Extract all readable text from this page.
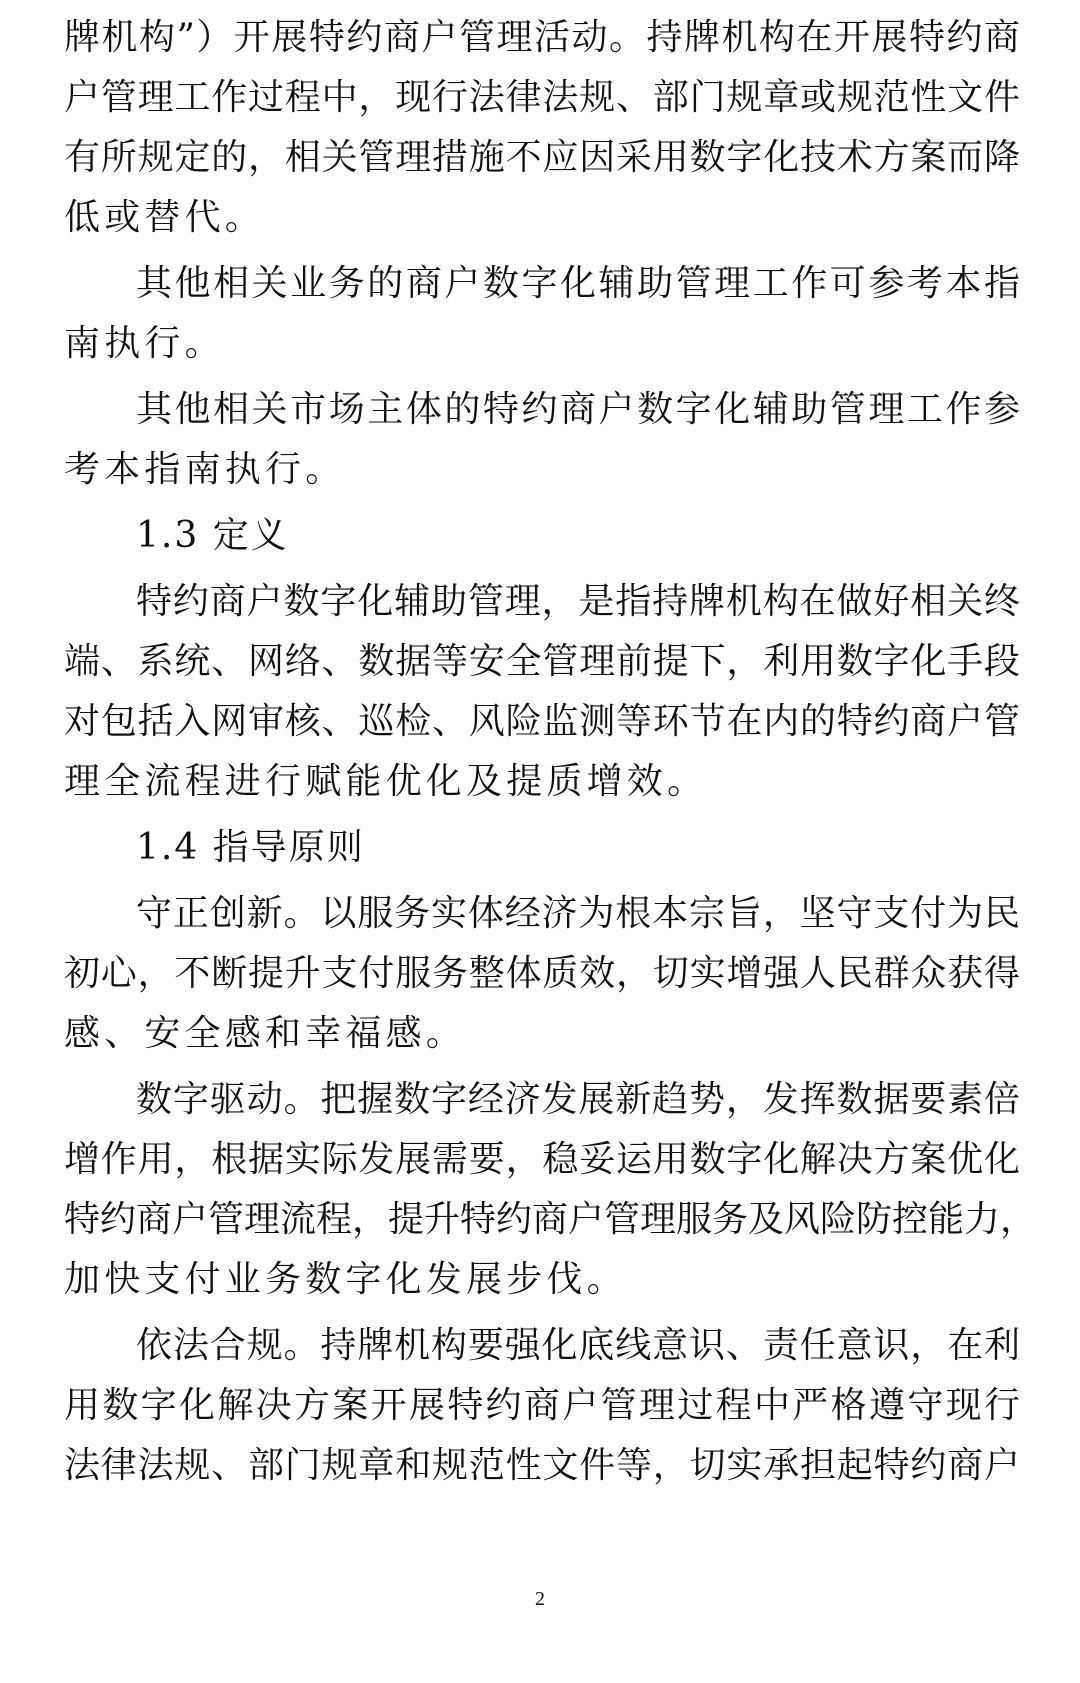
牌机构”）开展特约商户管理活动。持牌机构在开展特约商
户管理工作过程中，现行法律法规、部门规章或规范性文件
有所规定的，相关管理措施不应因采用数字化技术方案而降
低或替代。
其他相关业务的商户数字化辅助管理工作可参考本指
南执行。
其他相关市场主体的特约商户数字化辅助管理工作参
考本指南执行。
1.3 定义
特约商户数字化辅助管理，是指持牌机构在做好相关终
端、系统、网络、数据等安全管理前提下，利用数字化手段
对包括入网审核、巡检、风险监测等环节在内的特约商户管
理全流程进行赋能优化及提质增效。
1.4 指导原则
守正创新。以服务实体经济为根本宗旨，坚守支付为民
初心，不断提升支付服务整体质效，切实增强人民群众获得
感、安全感和幸福感。
数字驱动。把握数字经济发展新趋势，发挥数据要素倍
增作用，根据实际发展需要，稳妥运用数字化解决方案优化
特约商户管理流程，提升特约商户管理服务及风险防控能力，
加快支付业务数字化发展步伐。
依法合规。持牌机构要强化底线意识、责任意识，在利
用数字化解决方案开展特约商户管理过程中严格遵守现行
法律法规、部门规章和规范性文件等，切实承担起特约商户
2
